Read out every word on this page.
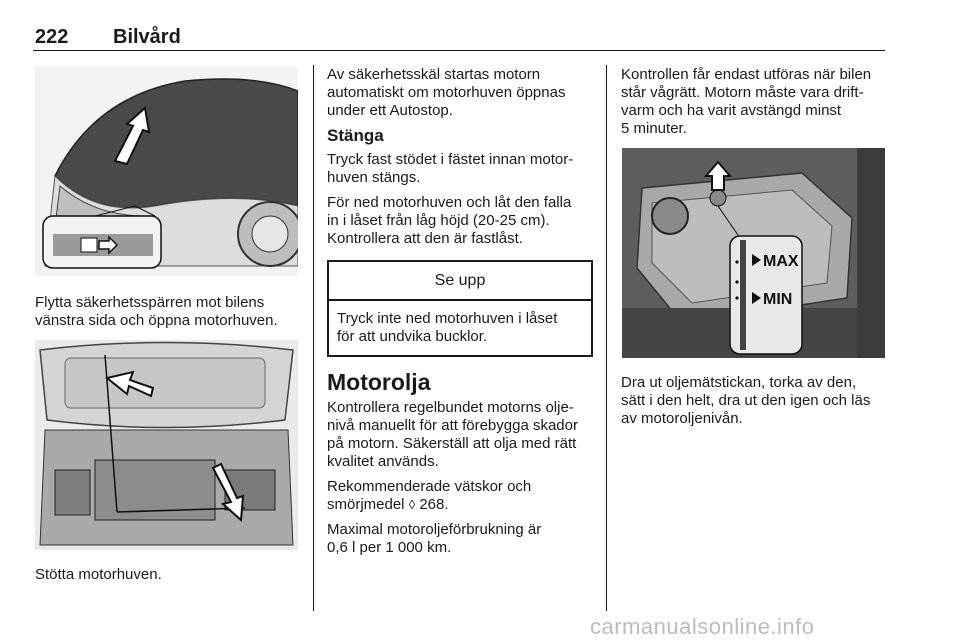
222 Bilvård
Flytta säkerhetsspärren mot bilens
vänstra sida och öppna motorhuven.
Stötta motorhuven.

Av säkerhetsskäl startas motorn
automatiskt om motorhuven öppnas
under ett Autostop.

Stänga

Tryck fast stödet i fästet innan motor-
huven stängs.

För ned motorhuven och låt den falla
in i låset från låg höjd (20-25 cm).
Kontrollera att den är fastlåst.

Se upp
Tryck inte ned motorhuven i låset
för att undvika bucklor.
Motorolja

Kontrollera regelbundet motorns olje-
nivå manuellt för att förebygga skador
på motorn. Säkerställ att olja med rätt
kvalitet används.

Rekommenderade vätskor och
smörjmedel ◊ 268.

Maximal motoroljeförbrukning är
0,6 l per 1 000 km.

Kontrollen får endast utföras när bilen
står vågrätt. Motorn måste vara drift-
varm och ha varit avstängd minst
5 minuter.

MAX
MIN

Dra ut oljemätstickan, torka av den,
sätt i den helt, dra ut den igen och läs
av motoroljenivån.

carmanualsonline.info
